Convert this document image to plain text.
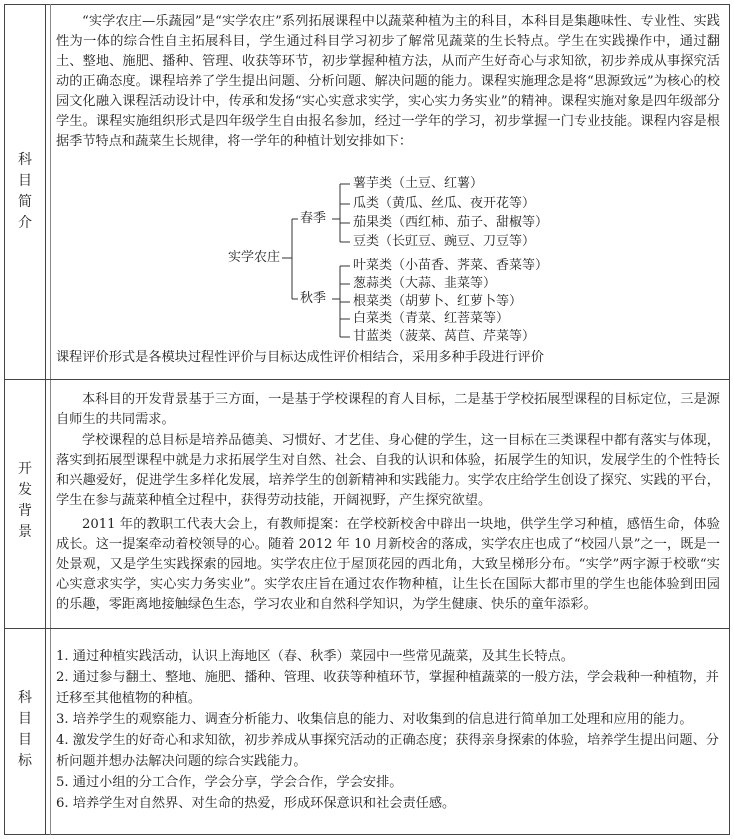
科
目
简
介

“实学农庄—乐蔬园”是“实学农庄”系列拓展课程中以蔬菜种植为主的科目，本科目是集趣味性、专业性、实践性为一体的综合性自主拓展科目，学生通过科目学习初步了解常见蔬菜的生长特点。学生在实践操作中，通过翻土、整地、施肥、播种、管理、收获等环节，初步掌握种植方法，从而产生好奇心与求知欲，初步养成从事探究活动的正确态度。课程培养了学生提出问题、分析问题、解决问题的能力。课程实施理念是将“思源致远”为核心的校园文化融入课程活动设计中，传承和发扬“实心实意求实学，实心实力务实业”的精神。课程实施对象是四年级部分学生。课程实施组织形式是四年级学生自由报名参加，经过一学年的学习，初步掌握一门专业技能。课程内容是根据季节特点和蔬菜生长规律，将一学年的种植计划安排如下：

实学农庄
春季
秋季
薯芋类（土豆、红薯）
瓜类（黄瓜、丝瓜、夜开花等）
茄果类（西红柿、茄子、甜椒等）
豆类（长豇豆、豌豆、刀豆等）
叶菜类（小苗香、荠菜、香菜等）
葱蒜类（大蒜、韭菜等）
根菜类（胡萝卜、红萝卜等）
白菜类（青菜、红菩菜等）
甘蓝类（菠菜、莴苣、芹菜等）

课程评价形式是各模块过程性评价与目标达成性评价相结合，采用多种手段进行评价

开
发
背
景

本科目的开发背景基于三方面，一是基于学校课程的育人目标，二是基于学校拓展型课程的目标定位，三是源自师生的共同需求。

学校课程的总目标是培养品德美、习惯好、才艺佳、身心健的学生，这一目标在三类课程中都有落实与体现，落实到拓展型课程中就是力求拓展学生对自然、社会、自我的认识和体验，拓展学生的知识，发展学生的个性特长和兴趣爱好，促进学生多样化发展，培养学生的创新精神和实践能力。实学农庄给学生创设了探究、实践的平台，学生在参与蔬菜种植全过程中，获得劳动技能，开阔视野，产生探究欲望。

2011 年的教职工代表大会上，有教师提案：在学校新校舍中辟出一块地，供学生学习种植，感悟生命，体验成长。这一提案牵动着校领导的心。随着 2012 年 10 月新校舍的落成，实学农庄也成了“校园八景”之一，既是一处景观，又是学生实践探索的园地。实学农庄位于屋顶花园的西北角，大致呈梯形分布。“实学”两字源于校歌“实心实意求实学，实心实力务实业”。实学农庄旨在通过农作物种植，让生长在国际大都市里的学生也能体验到田园的乐趣，零距离地接触绿色生态，学习农业和自然科学知识，为学生健康、快乐的童年添彩。

科
目
目
标

1. 通过种植实践活动，认识上海地区（春、秋季）菜园中一些常见蔬菜，及其生长特点。

2. 通过参与翻土、整地、施肥、播种、管理、收获等种植环节，掌握种植蔬菜的一般方法，学会栽种一种植物，并迁移至其他植物的种植。

3. 培养学生的观察能力、调查分析能力、收集信息的能力、对收集到的信息进行简单加工处理和应用的能力。

4. 激发学生的好奇心和求知欲，初步养成从事探究活动的正确态度；获得亲身探索的体验，培养学生提出问题、分析问题并想办法解决问题的综合实践能力。

5. 通过小组的分工合作，学会分享，学会合作，学会安排。

6. 培养学生对自然界、对生命的热爱，形成环保意识和社会责任感。
